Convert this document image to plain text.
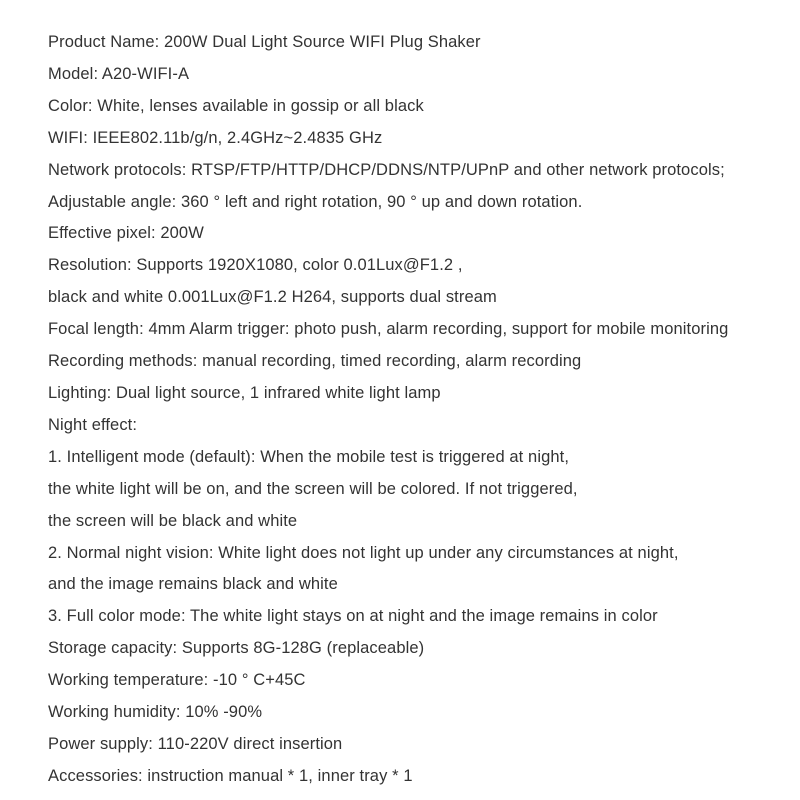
Product Name: 200W Dual Light Source WIFI Plug Shaker

Model: A20-WIFI-A

Color: White, lenses available in gossip or all black

WIFI: IEEE802.11b/g/n, 2.4GHz~2.4835 GHz

Network protocols: RTSP/FTP/HTTP/DHCP/DDNS/NTP/UPnP and other network protocols;

Adjustable angle: 360 ° left and right rotation, 90 ° up and down rotation.

Effective pixel: 200W

Resolution: Supports 1920X1080, color 0.01Lux@F1.2 ,

black and white 0.001Lux@F1.2 H264, supports dual stream

Focal length: 4mm Alarm trigger: photo push, alarm recording, support for mobile monitoring

Recording methods: manual recording, timed recording, alarm recording

Lighting: Dual light source, 1 infrared white light lamp

Night effect:

1. Intelligent mode (default): When the mobile test is triggered at night,

the white light will be on, and the screen will be colored. If not triggered,

the screen will be black and white

2. Normal night vision: White light does not light up under any circumstances at night,

and the image remains black and white

3. Full color mode: The white light stays on at night and the image remains in color

Storage capacity: Supports 8G-128G (replaceable)

Working temperature: -10 ° C+45C

Working humidity: 10% -90%

Power supply: 110-220V direct insertion

Accessories: instruction manual * 1, inner tray * 1
